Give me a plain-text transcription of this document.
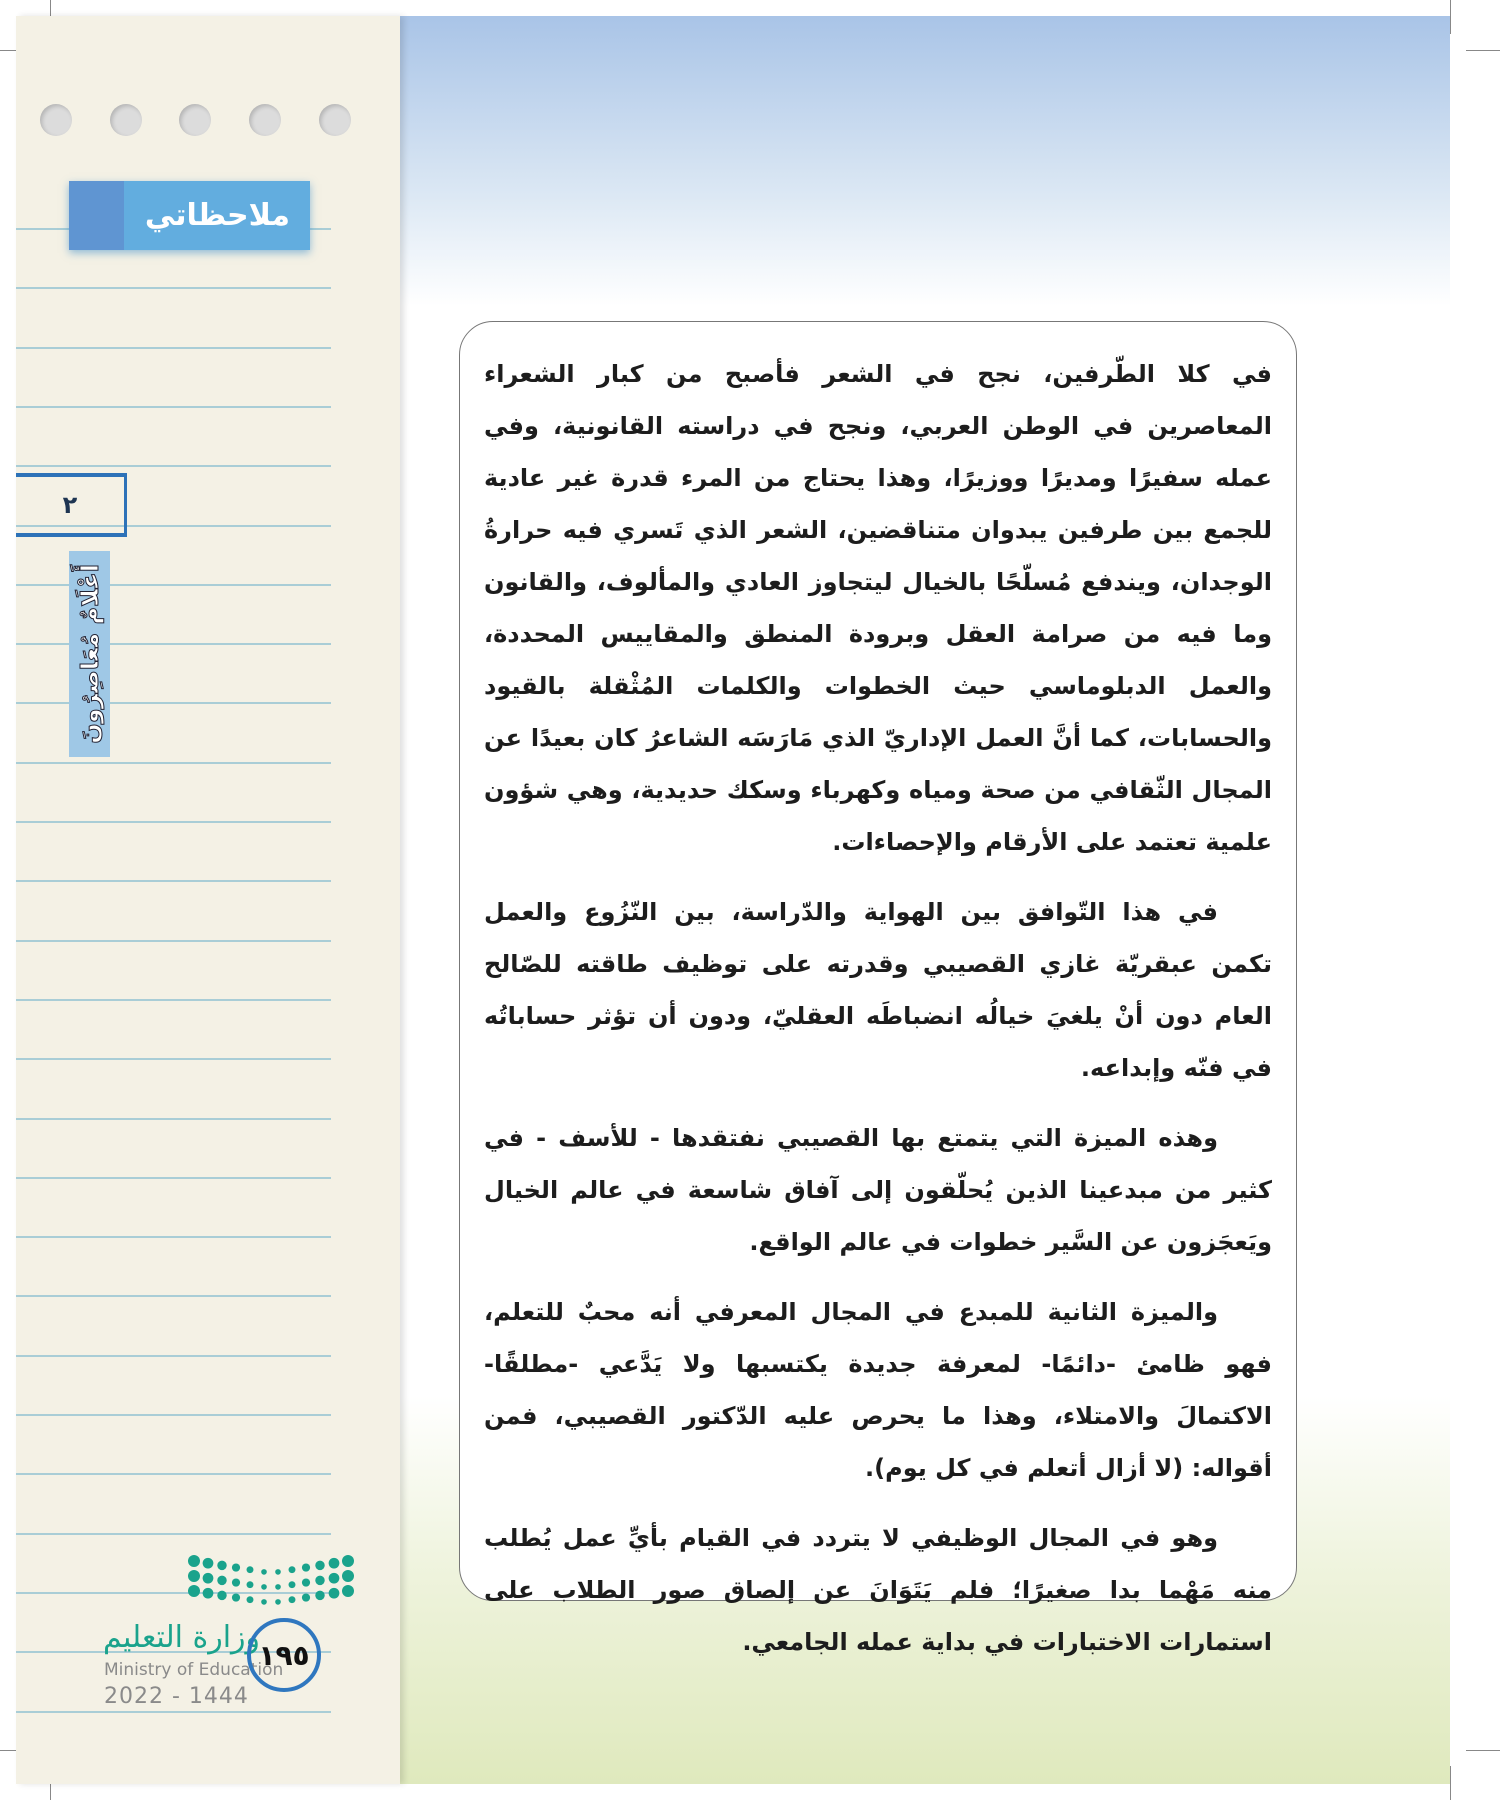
ملاحظاتي
٢
أَعْلَامٌ مُعَاصِرُونَ

في كلا الطّرفين، نجح في الشعر فأصبح من كبار الشعراء المعاصرين في الوطن العربي، ونجح في دراسته القانونية، وفي عمله سفيرًا ومديرًا ووزيرًا، وهذا يحتاج من المرء قدرة غير عادية للجمع بين طرفين يبدوان متناقضين، الشعر الذي تَسري فيه حرارةُ الوجدان، ويندفع مُسلّحًا بالخيال ليتجاوز العادي والمألوف، والقانون وما فيه من صرامة العقل وبرودة المنطق والمقاييس المحددة، والعمل الدبلوماسي حيث الخطوات والكلمات المُثْقلة بالقيود والحسابات، كما أنَّ العمل الإداريّ الذي مَارَسَه الشاعرُ كان بعيدًا عن المجال الثّقافي من صحة ومياه وكهرباء وسكك حديدية، وهي شؤون علمية تعتمد على الأرقام والإحصاءات.

في هذا التّوافق بين الهواية والدّراسة، بين النّزُوع والعمل تكمن عبقريّة غازي القصيبي وقدرته على توظيف طاقته للصّالح العام دون أنْ يلغيَ خيالُه انضباطَه العقليّ، ودون أن تؤثر حساباتُه في فنّه وإبداعه.

وهذه الميزة التي يتمتع بها القصيبي نفتقدها - للأسف - في كثير من مبدعينا الذين يُحلّقون إلى آفاق شاسعة في عالم الخيال ويَعجَزون عن السَّير خطوات في عالم الواقع.

والميزة الثانية للمبدع في المجال المعرفي أنه محبٌ للتعلم، فهو ظامئ -دائمًا- لمعرفة جديدة يكتسبها ولا يَدَّعي -مطلقًا- الاكتمالَ والامتلاء، وهذا ما يحرص عليه الدّكتور القصيبي، فمن أقواله: (لا أزال أتعلم في كل يوم).

وهو في المجال الوظيفي لا يتردد في القيام بأيِّ عمل يُطلب منه مَهْما بدا صغيرًا؛ فلم يَتَوَانَ عن إلصاق صور الطلاب على استمارات الاختبارات في بداية عمله الجامعي.

وزارة التعليم
Ministry of Education
2022 - 1444
١٩٥
